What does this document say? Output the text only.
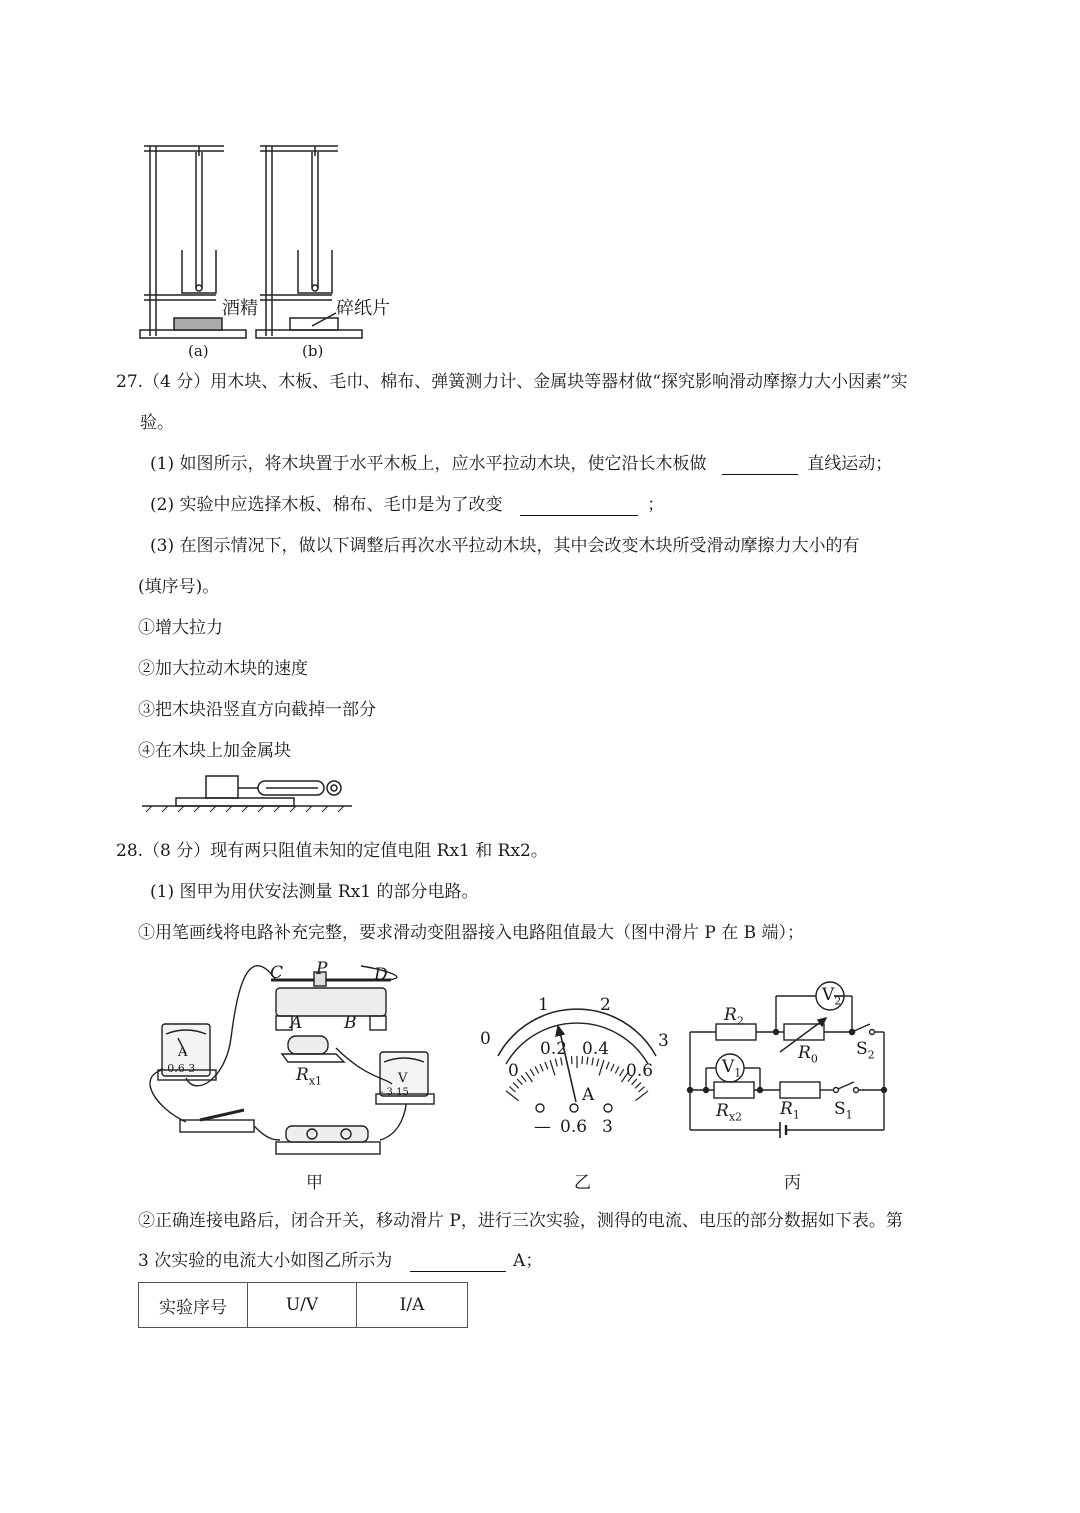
酒精	碎纸片
(a)	(b)
27.（4 分）用木块、木板、毛巾、棉布、弹簧测力计、金属块等器材做“探究影响滑动摩擦力大小因素”实
验。
(1) 如图所示，将木块置于水平木板上，应水平拉动木块，使它沿长木板做	直线运动；
(2) 实验中应选择木板、棉布、毛巾是为了改变	；
(3) 在图示情况下，做以下调整后再次水平拉动木块，其中会改变木块所受滑动摩擦力大小的有
(填序号)。
①增大拉力
②加大拉动木块的速度
③把木块沿竖直方向截掉一部分
④在木块上加金属块
28.（8 分）现有两只阻值未知的定值电阻 Rx1 和 Rx2。
(1) 图甲为用伏安法测量 Rx1 的部分电路。
①用笔画线将电路补充完整，要求滑动变阻器接入电路阻值最大（图中滑片 P 在 B 端）；
C P	D
A B
$R_{x1}$
A
- 0.6 3
V
- 3 15
甲
0
1	2
3
0
0.2 0.4
0.6
A
— 0.6 3
乙
$R_2$
$V_2$
$R_0$ $S_2$
$V_1$
$R_{x2}$ $R_1$ $S_1$
丙
②正确连接电路后，闭合开关，移动滑片 P，进行三次实验，测得的电流、电压的部分数据如下表。第
3 次实验的电流大小如图乙所示为	A；
实验序号	U/V	I/A
